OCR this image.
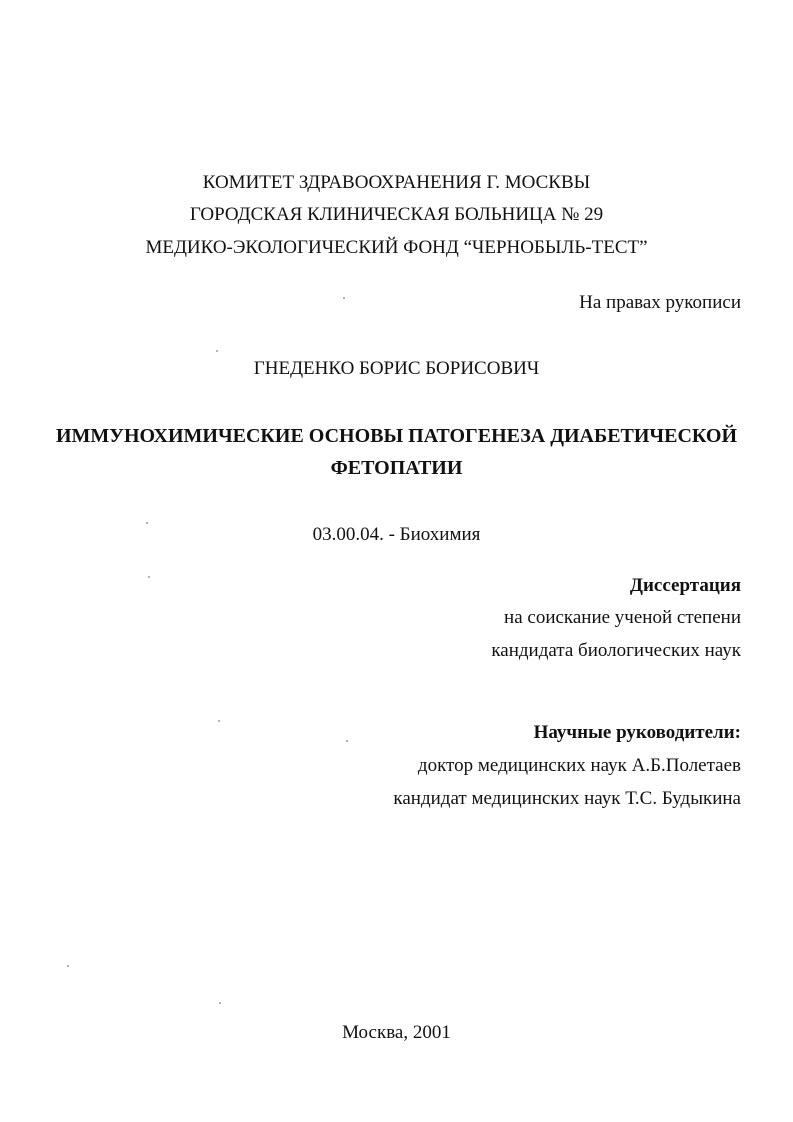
КОМИТЕТ ЗДРАВООХРАНЕНИЯ Г. МОСКВЫ
ГОРОДСКАЯ КЛИНИЧЕСКАЯ БОЛЬНИЦА № 29
МЕДИКО-ЭКОЛОГИЧЕСКИЙ ФОНД “ЧЕРНОБЫЛЬ-ТЕСТ”
На правах рукописи
ГНЕДЕНКО БОРИС БОРИСОВИЧ
ИММУНОХИМИЧЕСКИЕ ОСНОВЫ ПАТОГЕНЕЗА ДИАБЕТИЧЕСКОЙ
ФЕТОПАТИИ
03.00.04. - Биохимия
Диссертация
на соискание ученой степени
кандидата биологических наук
Научные руководители:
доктор медицинских наук А.Б.Полетаев
кандидат медицинских наук Т.С. Будыкина
Москва, 2001
